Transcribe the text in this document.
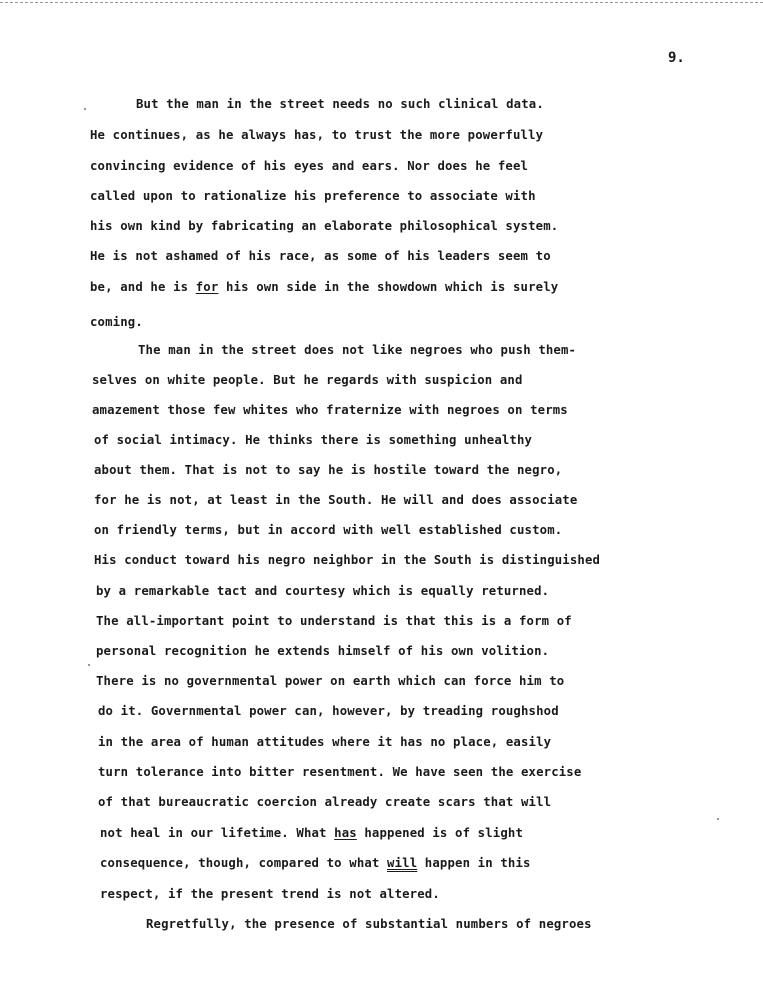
9.
But the man in the street needs no such clinical data.
He continues, as he always has, to trust the more powerfully
convincing evidence of his eyes and ears. Nor does he feel
called upon to rationalize his preference to associate with
his own kind by fabricating an elaborate philosophical system.
He is not ashamed of his race, as some of his leaders seem to
be, and he is for his own side in the showdown which is surely
coming.
The man in the street does not like negroes who push them-
selves on white people. But he regards with suspicion and
amazement those few whites who fraternize with negroes on terms
of social intimacy. He thinks there is something unhealthy
about them. That is not to say he is hostile toward the negro,
for he is not, at least in the South. He will and does associate
on friendly terms, but in accord with well established custom.
His conduct toward his negro neighbor in the South is distinguished
by a remarkable tact and courtesy which is equally returned.
The all-important point to understand is that this is a form of
personal recognition he extends himself of his own volition.
There is no governmental power on earth which can force him to
do it. Governmental power can, however, by treading roughshod
in the area of human attitudes where it has no place, easily
turn tolerance into bitter resentment. We have seen the exercise
of that bureaucratic coercion already create scars that will
not heal in our lifetime. What has happened is of slight
consequence, though, compared to what will happen in this
respect, if the present trend is not altered.
Regretfully, the presence of substantial numbers of negroes
